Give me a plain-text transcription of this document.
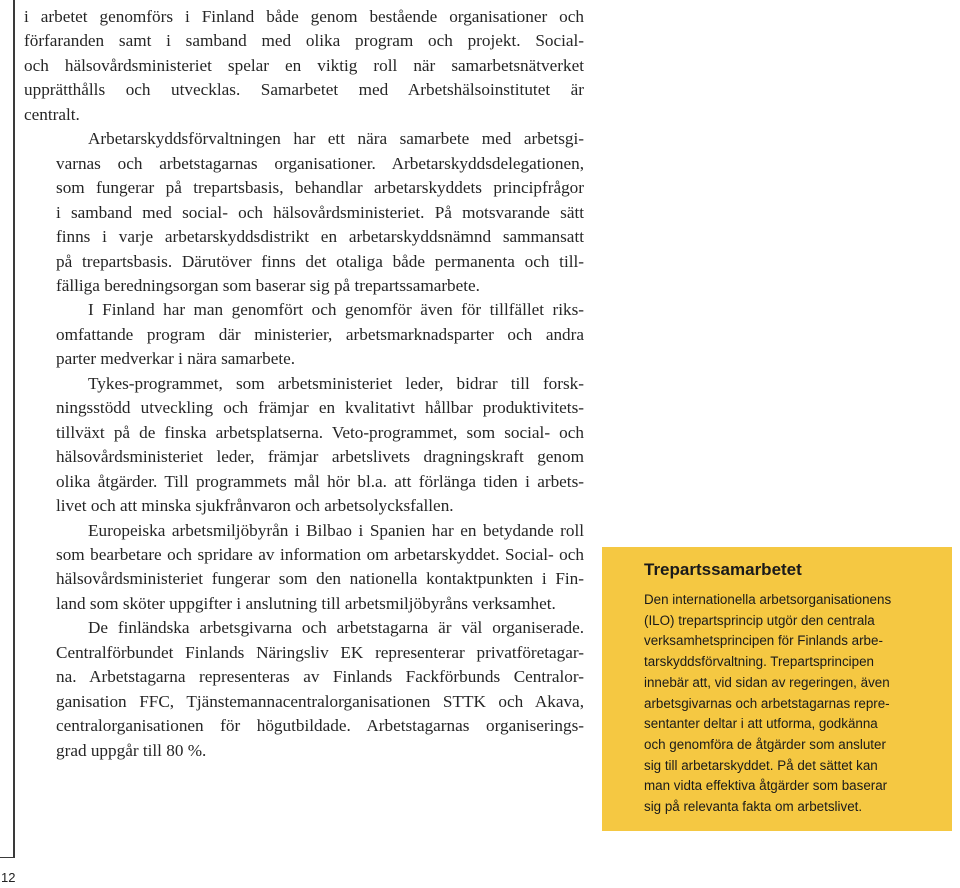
12

i arbetet genomförs i Finland både genom bestående organisationer och
förfaranden samt i samband med olika program och projekt. Social-
och hälsovårdsministeriet spelar en viktig roll när samarbetsnätverket
upprätthålls och utvecklas. Samarbetet med Arbetshälsoinstitutet är
centralt.

Arbetarskyddsförvaltningen har ett nära samarbete med arbetsgi-
varnas och arbetstagarnas organisationer. Arbetarskyddsdelegationen,
som fungerar på trepartsbasis, behandlar arbetarskyddets principfrågor
i samband med social- och hälsovårdsministeriet. På motsvarande sätt
finns i varje arbetarskyddsdistrikt en arbetarskyddsnämnd sammansatt
på trepartsbasis. Därutöver finns det otaliga både permanenta och till-
fälliga beredningsorgan som baserar sig på trepartssamarbete.

I Finland har man genomfört och genomför även för tillfället riks-
omfattande program där ministerier, arbetsmarknadsparter och andra
parter medverkar i nära samarbete.

Tykes-programmet, som arbetsministeriet leder, bidrar till forsk-
ningsstödd utveckling och främjar en kvalitativt hållbar produktivitets-
tillväxt på de finska arbetsplatserna. Veto-programmet, som social- och
hälsovårdsministeriet leder, främjar arbetslivets dragningskraft genom
olika åtgärder. Till programmets mål hör bl.a. att förlänga tiden i arbets-
livet och att minska sjukfrånvaron och arbetsolycksfallen.

Europeiska arbetsmiljöbyrån i Bilbao i Spanien har en betydande roll
som bearbetare och spridare av information om arbetarskyddet. Social- och
hälsovårdsministeriet fungerar som den nationella kontaktpunkten i Fin-
land som sköter uppgifter i anslutning till arbetsmiljöbyråns verksamhet.

De finländska arbetsgivarna och arbetstagarna är väl organiserade.
Centralförbundet Finlands Näringsliv EK representerar privatföretagar-
na. Arbetstagarna representeras av Finlands Fackförbunds Centralor-
ganisation FFC, Tjänstemannacentralorganisationen STTK och Akava,
centralorganisationen för högutbildade. Arbetstagarnas organiserings-
grad uppgår till 80 %.

Trepartssamarbetet
Den internationella arbetsorganisationens
(ILO) trepartsprincip utgör den centrala
verksamhetsprincipen för Finlands arbe-
tarskyddsförvaltning. Trepartsprincipen
innebär att, vid sidan av regeringen, även
arbetsgivarnas och arbetstagarnas repre-
sentanter deltar i att utforma, godkänna
och genomföra de åtgärder som ansluter
sig till arbetarskyddet. På det sättet kan
man vidta effektiva åtgärder som baserar
sig på relevanta fakta om arbetslivet.
